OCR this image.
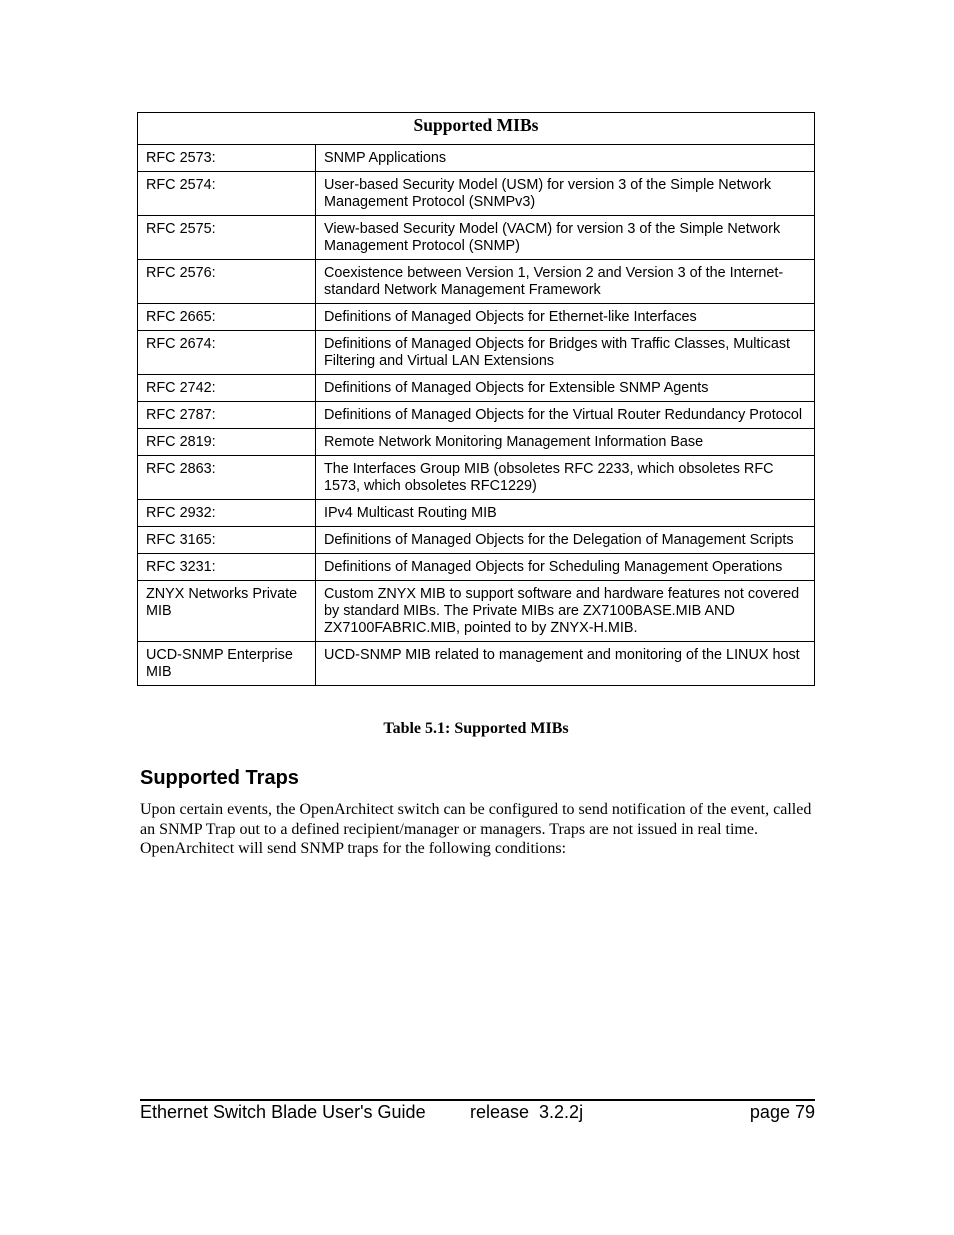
Supported MIBs	
RFC 2573:	SNMP Applications
RFC 2574:	User-based Security Model (USM) for version 3 of the Simple Network Management Protocol (SNMPv3)
RFC 2575:	View-based Security Model (VACM) for version 3 of the Simple Network Management Protocol (SNMP)
RFC 2576:	Coexistence between Version 1, Version 2 and Version 3 of the Internet-standard Network Management Framework
RFC 2665:	Definitions of Managed Objects for Ethernet-like Interfaces
RFC 2674:	Definitions of Managed Objects for Bridges with Traffic Classes, Multicast Filtering and Virtual LAN Extensions
RFC 2742:	Definitions of Managed Objects for Extensible SNMP Agents
RFC 2787:	Definitions of Managed Objects for the Virtual Router Redundancy Protocol
RFC 2819:	Remote Network Monitoring Management Information Base
RFC 2863:	The Interfaces Group MIB (obsoletes RFC 2233, which obsoletes RFC 1573, which obsoletes RFC1229)
RFC 2932:	IPv4 Multicast Routing MIB
RFC 3165:	Definitions of Managed Objects for the Delegation of Management Scripts
RFC 3231:	Definitions of Managed Objects for Scheduling Management Operations
ZNYX Networks Private MIB	Custom ZNYX MIB to support software and hardware features not covered by standard MIBs. The Private MIBs are ZX7100BASE.MIB AND ZX7100FABRIC.MIB, pointed to by ZNYX-H.MIB.
UCD-SNMP Enterprise MIB	UCD-SNMP MIB related to management and monitoring of the LINUX host
Table 5.1: Supported MIBs
Supported Traps
Upon certain events, the OpenArchitect switch can be configured to send notification of the event, called an SNMP Trap out to a defined recipient/manager or managers. Traps are not issued in real time. OpenArchitect will send SNMP traps for the following conditions:
Ethernet Switch Blade User's Guide release  3.2.2j	page 79
